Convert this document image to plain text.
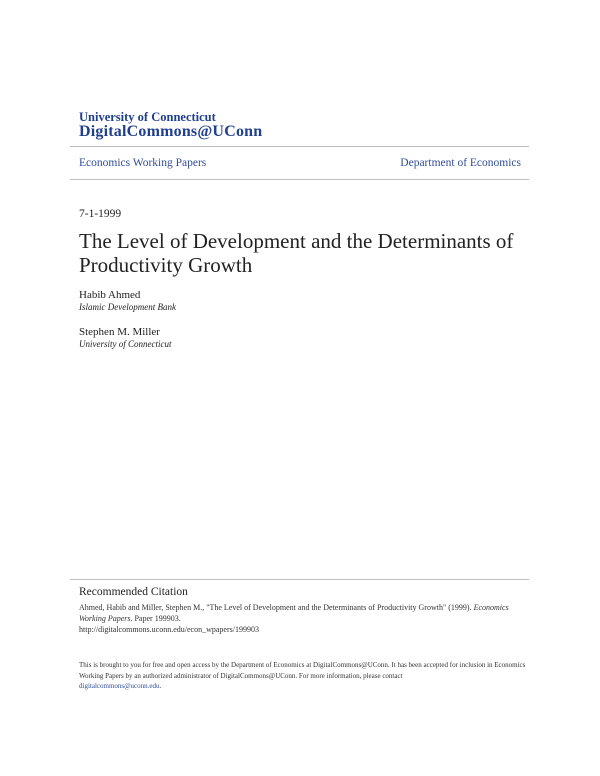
University of Connecticut
DigitalCommons@UConn
Economics Working Papers	Department of Economics
7-1-1999
The Level of Development and the Determinants of Productivity Growth
Habib Ahmed
Islamic Development Bank
Stephen M. Miller
University of Connecticut
Recommended Citation
Ahmed, Habib and Miller, Stephen M., "The Level of Development and the Determinants of Productivity Growth" (1999). Economics Working Papers. Paper 199903.
http://digitalcommons.uconn.edu/econ_wpapers/199903
This is brought to you for free and open access by the Department of Economics at DigitalCommons@UConn. It has been accepted for inclusion in Economics Working Papers by an authorized administrator of DigitalCommons@UConn. For more information, please contact
digitalcommons@uconn.edu.
